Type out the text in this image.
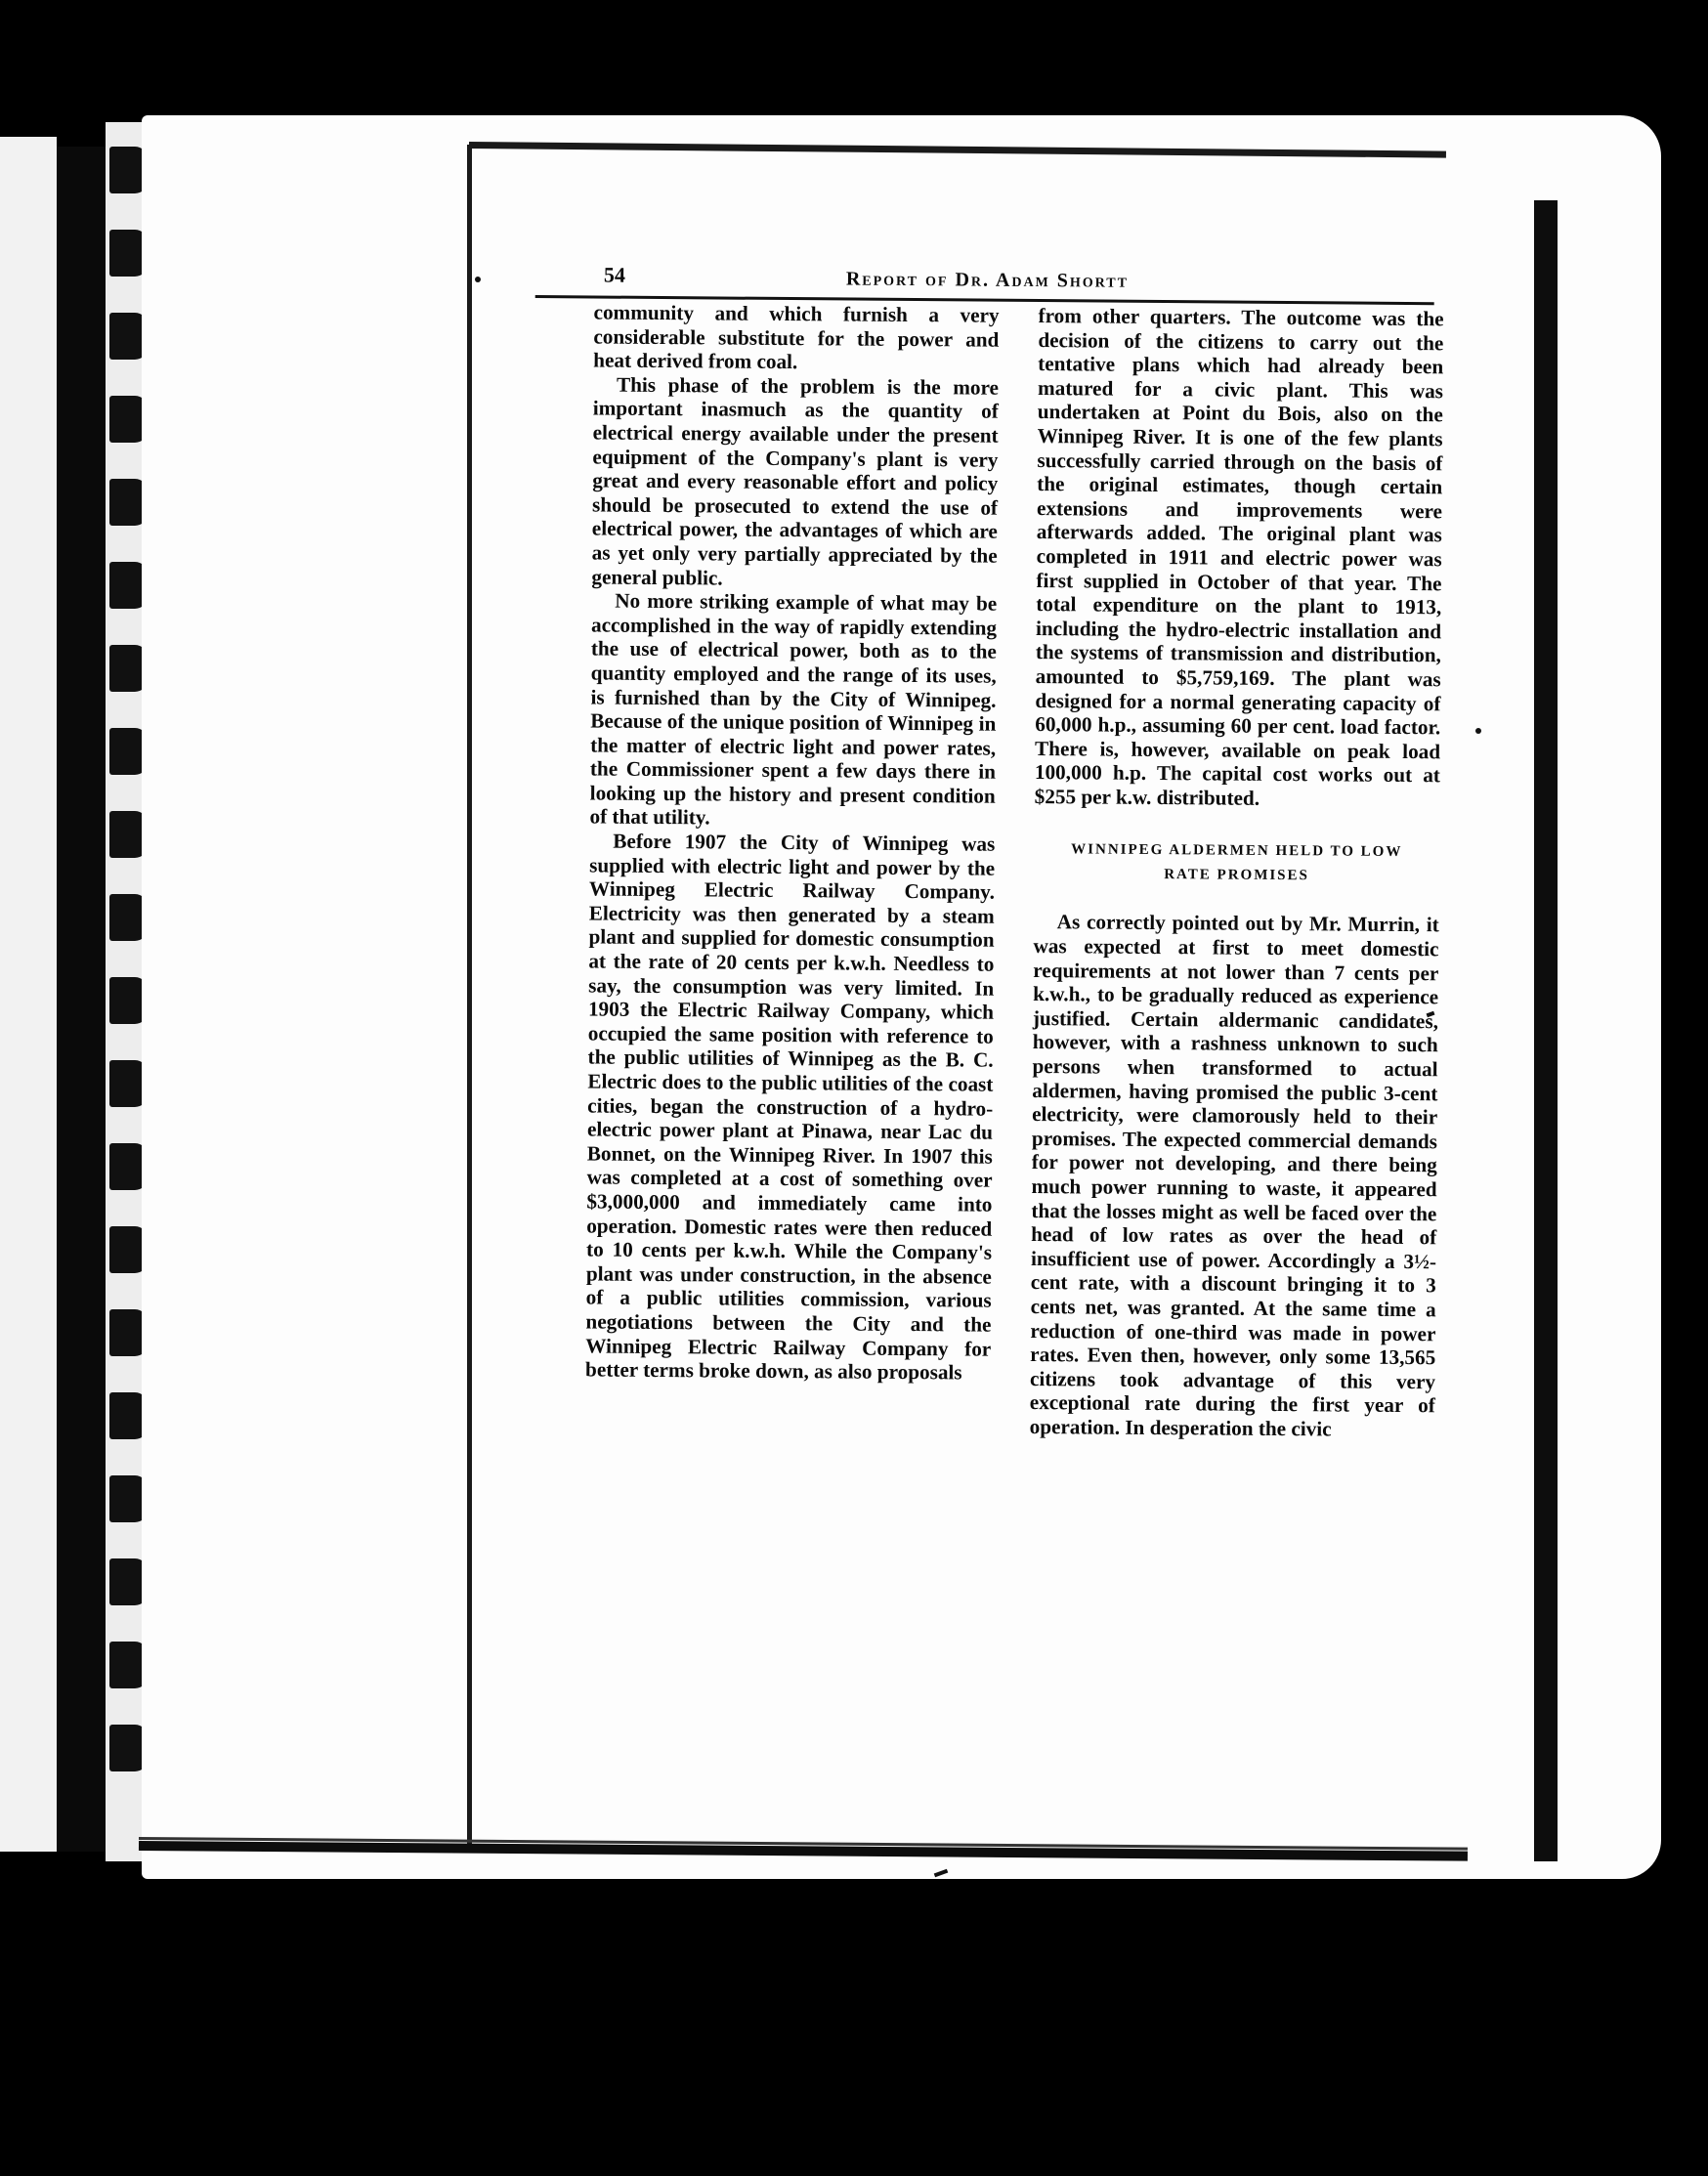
54	Report of Dr. Adam Shortt

community and which furnish a very considerable substitute for the power and heat derived from coal.

This phase of the problem is the more important inasmuch as the quantity of electrical energy available under the present equipment of the Company's plant is very great and every reasonable effort and policy should be prosecuted to extend the use of electrical power, the advantages of which are as yet only very partially appreciated by the general public.

No more striking example of what may be accomplished in the way of rapidly extending the use of electrical power, both as to the quantity employed and the range of its uses, is furnished than by the City of Winnipeg. Because of the unique position of Winnipeg in the matter of electric light and power rates, the Commissioner spent a few days there in looking up the history and present condition of that utility.

Before 1907 the City of Winnipeg was supplied with electric light and power by the Winnipeg Electric Railway Company. Electricity was then generated by a steam plant and supplied for domestic consumption at the rate of 20 cents per k.w.h. Needless to say, the consumption was very limited. In 1903 the Electric Railway Company, which occupied the same position with reference to the public utilities of Winnipeg as the B. C. Electric does to the public utilities of the coast cities, began the construction of a hydro-electric power plant at Pinawa, near Lac du Bonnet, on the Winnipeg River. In 1907 this was completed at a cost of something over $3,000,000 and immediately came into operation. Domestic rates were then reduced to 10 cents per k.w.h. While the Company's plant was under construction, in the absence of a public utilities commission, various negotiations between the City and the Winnipeg Electric Railway Company for better terms broke down, as also proposals

from other quarters. The outcome was the decision of the citizens to carry out the tentative plans which had already been matured for a civic plant. This was undertaken at Point du Bois, also on the Winnipeg River. It is one of the few plants successfully carried through on the basis of the original estimates, though certain extensions and improvements were afterwards added. The original plant was completed in 1911 and electric power was first supplied in October of that year. The total expenditure on the plant to 1913, including the hydro-electric installation and the systems of transmission and distribution, amounted to $5,759,169. The plant was designed for a normal generating capacity of 60,000 h.p., assuming 60 per cent. load factor. There is, however, available on peak load 100,000 h.p. The capital cost works out at $255 per k.w. distributed.

WINNIPEG ALDERMEN HELD TO LOW
RATE PROMISES

As correctly pointed out by Mr. Murrin, it was expected at first to meet domestic requirements at not lower than 7 cents per k.w.h., to be gradually reduced as experience justified. Certain aldermanic candidates, however, with a rashness unknown to such persons when transformed to actual aldermen, having promised the public 3-cent electricity, were clamorously held to their promises. The expected commercial demands for power not developing, and there being much power running to waste, it appeared that the losses might as well be faced over the head of low rates as over the head of insufficient use of power. Accordingly a 3½-cent rate, with a discount bringing it to 3 cents net, was granted. At the same time a reduction of one-third was made in power rates. Even then, however, only some 13,565 citizens took advantage of this very exceptional rate during the first year of operation. In desperation the civic
